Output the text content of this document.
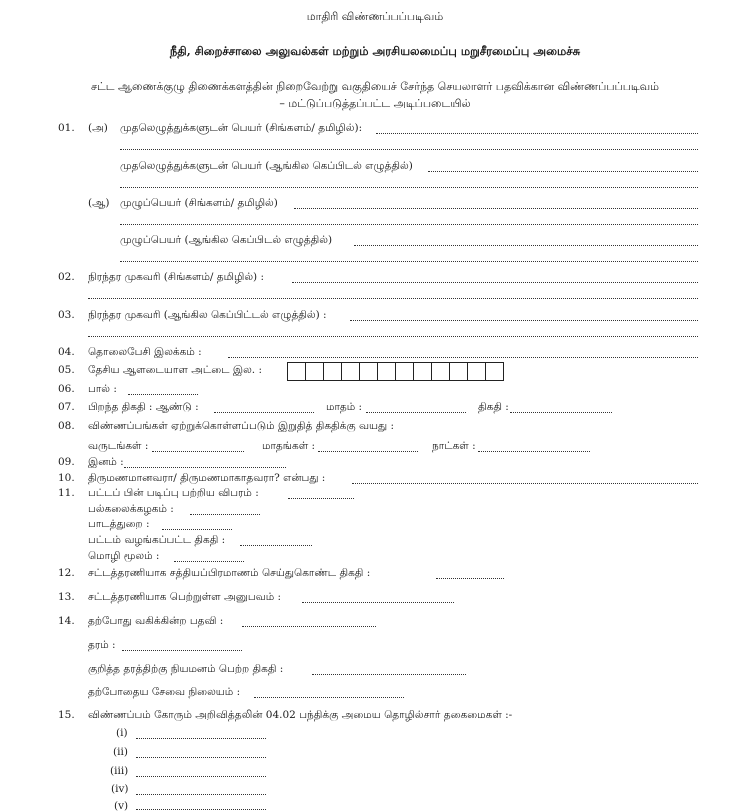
மாதிரி விண்ணப்பப்படிவம்
நீதி, சிறைச்சாலை அலுவல்கள் மற்றும் அரசியலமைப்பு மறுசீரமைப்பு அமைச்சு
சட்ட ஆணைக்குழு திணைக்களத்தின் நிறைவேற்று வகுதியைச் சேர்ந்த செயலாளர் பதவிக்கான விண்ணப்பப்படிவம்
– மட்டுப்படுத்தப்பட்ட அடிப்படையில்
01. (அ) முதலெழுத்துக்களுடன் பெயர் (சிங்களம்/ தமிழில்):
முதலெழுத்துக்களுடன் பெயர் (ஆங்கில கெப்பிடல் எழுத்தில்)
(ஆ) முழுப்பெயர் (சிங்களம்/ தமிழில்)
முழுப்பெயர் (ஆங்கில கெப்பிடல் எழுத்தில்)
02. நிரந்தர முகவரி (சிங்களம்/ தமிழில்) :
03. நிரந்தர முகவரி (ஆங்கில கெப்பிட்டல் எழுத்தில்) :
04. தொலைபேசி இலக்கம் :
05. தேசிய ஆளடையாள அட்டை இல. :
06. பால் :
07. பிறந்த திகதி : ஆண்டு :	மாதம் :	திகதி :
08. விண்ணப்பங்கள் ஏற்றுக்கொள்ளப்படும் இறுதித் திகதிக்கு வயது :
வருடங்கள் :	மாதங்கள் :	நாட்கள் :
09. இனம் :
10. திருமணமானவரா/ திருமணமாகாதவரா? என்பது :
11. பட்டப் பின் படிப்பு பற்றிய விபரம் :
பல்கலைக்கழகம் :
பாடத்துறை :
பட்டம் வழங்கப்பட்ட திகதி :
மொழி மூலம் :
12. சட்டத்தரணியாக சத்தியப்பிரமாணம் செய்துகொண்ட திகதி :
13. சட்டத்தரணியாக பெற்றுள்ள அனுபவம் :
14. தற்போது வகிக்கின்ற பதவி :
தரம் :
குறித்த தரத்திற்கு நியமனம் பெற்ற திகதி :
தற்போதைய சேவை நிலையம் :
15. விண்ணப்பம் கோரும் அறிவித்தலின் 04.02 பந்திக்கு அமைய தொழில்சார் தகைமைகள் :-
(i)
(ii)
(iii)
(iv)
(v)
